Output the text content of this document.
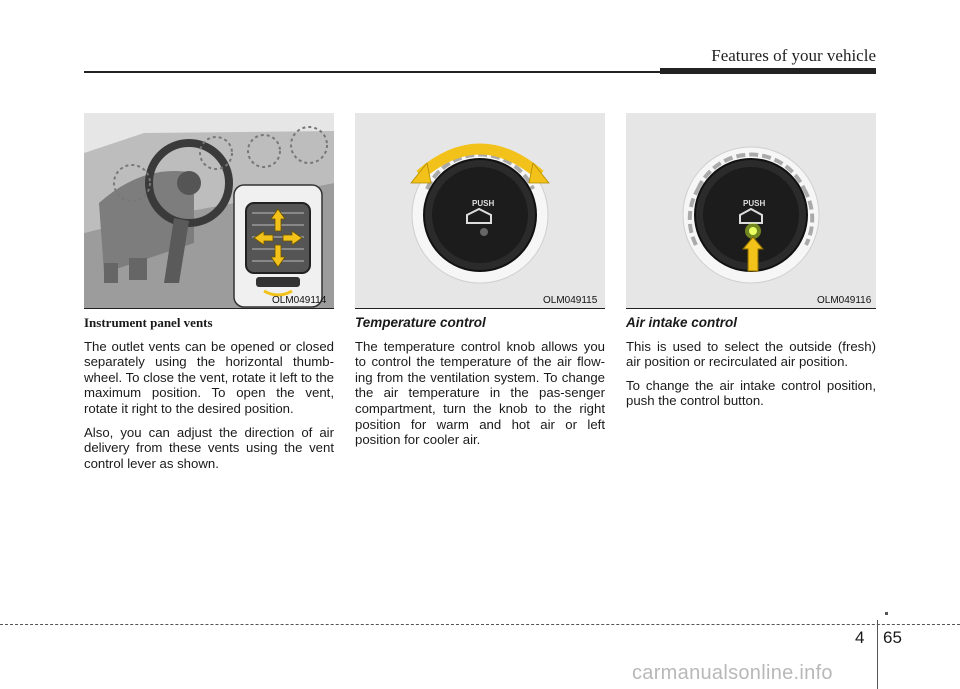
Features of your vehicle
OLM049114
PUSH
OLM049115
PUSH
OLM049116

Instrument panel vents

The outlet vents can be opened or closed separately using the horizontal thumb-wheel. To close the vent, rotate it left to the maximum position. To open the vent, rotate it right to the desired position.

Also, you can adjust the direction of air delivery from these vents using the vent control lever as shown.

Temperature control

The temperature control knob allows you to control the temperature of the air flow-ing from the ventilation system. To change the air temperature in the pas-senger compartment, turn the knob to the right position for warm and hot air or left position for cooler air.

Air intake control

This is used to select the outside (fresh) air position or recirculated air position.

To change the air intake control position, push the control button.

4 65
carmanualsonline.info
